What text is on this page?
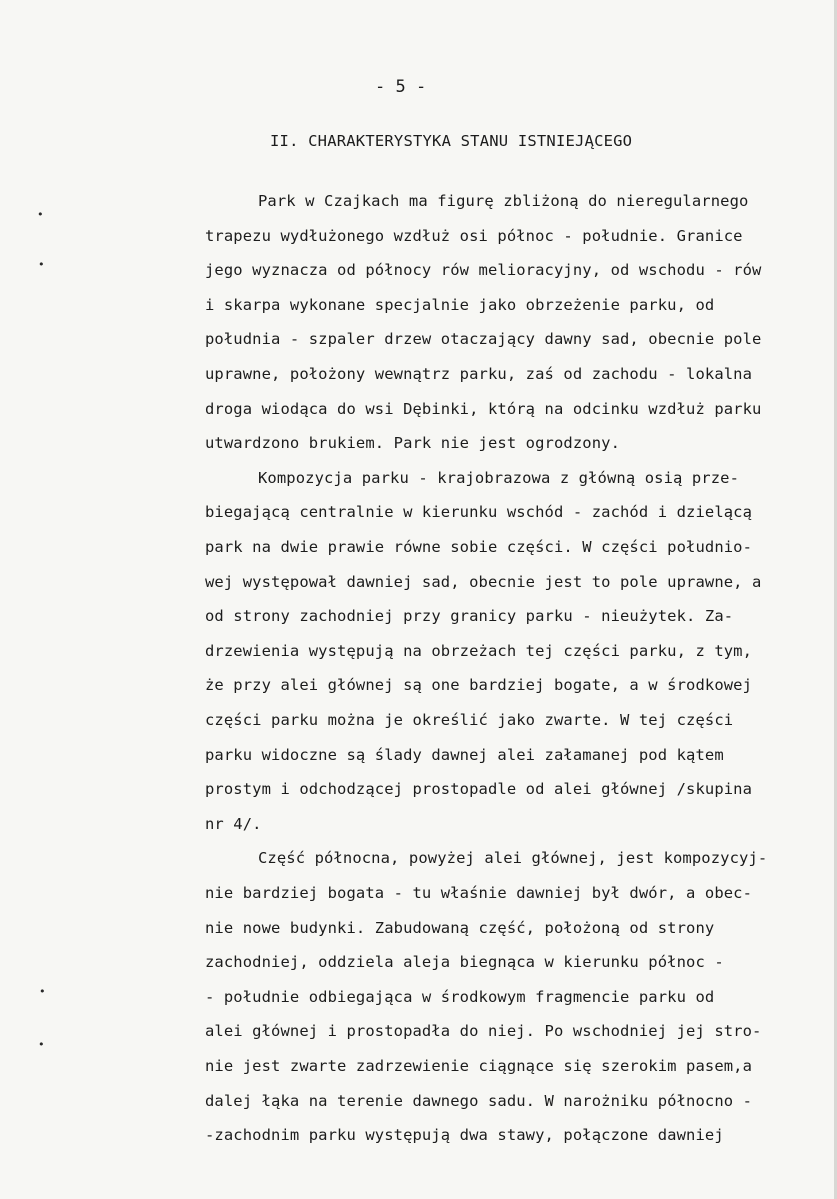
- 5 -
II. CHARAKTERYSTYKA STANU ISTNIEJĄCEGO
•
•
•
•
Park w Czajkach ma figurę zbliżoną do nieregularnego
trapezu wydłużonego wzdłuż osi północ - południe. Granice
jego wyznacza od północy rów melioracyjny, od wschodu - rów
i skarpa wykonane specjalnie jako obrzeżenie parku, od
południa - szpaler drzew otaczający dawny sad, obecnie pole
uprawne, położony wewnątrz parku, zaś od zachodu - lokalna
droga wiodąca do wsi Dębinki, którą na odcinku wzdłuż parku
utwardzono brukiem. Park nie jest ogrodzony.
Kompozycja parku - krajobrazowa z główną osią prze-
biegającą centralnie w kierunku wschód - zachód i dzielącą
park na dwie prawie równe sobie części. W części południo-
wej występował dawniej sad, obecnie jest to pole uprawne, a
od strony zachodniej przy granicy parku - nieużytek. Za-
drzewienia występują na obrzeżach tej części parku, z tym,
że przy alei głównej są one bardziej bogate, a w środkowej
części parku można je określić jako zwarte. W tej części
parku widoczne są ślady dawnej alei załamanej pod kątem
prostym i odchodzącej prostopadle od alei głównej /skupina
nr 4/.
Część północna, powyżej alei głównej, jest kompozycyj-
nie bardziej bogata - tu właśnie dawniej był dwór, a obec-
nie nowe budynki. Zabudowaną część, położoną od strony
zachodniej, oddziela aleja biegnąca w kierunku północ -
- południe odbiegająca w środkowym fragmencie parku od
alei głównej i prostopadła do niej. Po wschodniej jej stro-
nie jest zwarte zadrzewienie ciągnące się szerokim pasem,a
dalej łąka na terenie dawnego sadu. W narożniku północno -
-zachodnim parku występują dwa stawy, połączone dawniej
